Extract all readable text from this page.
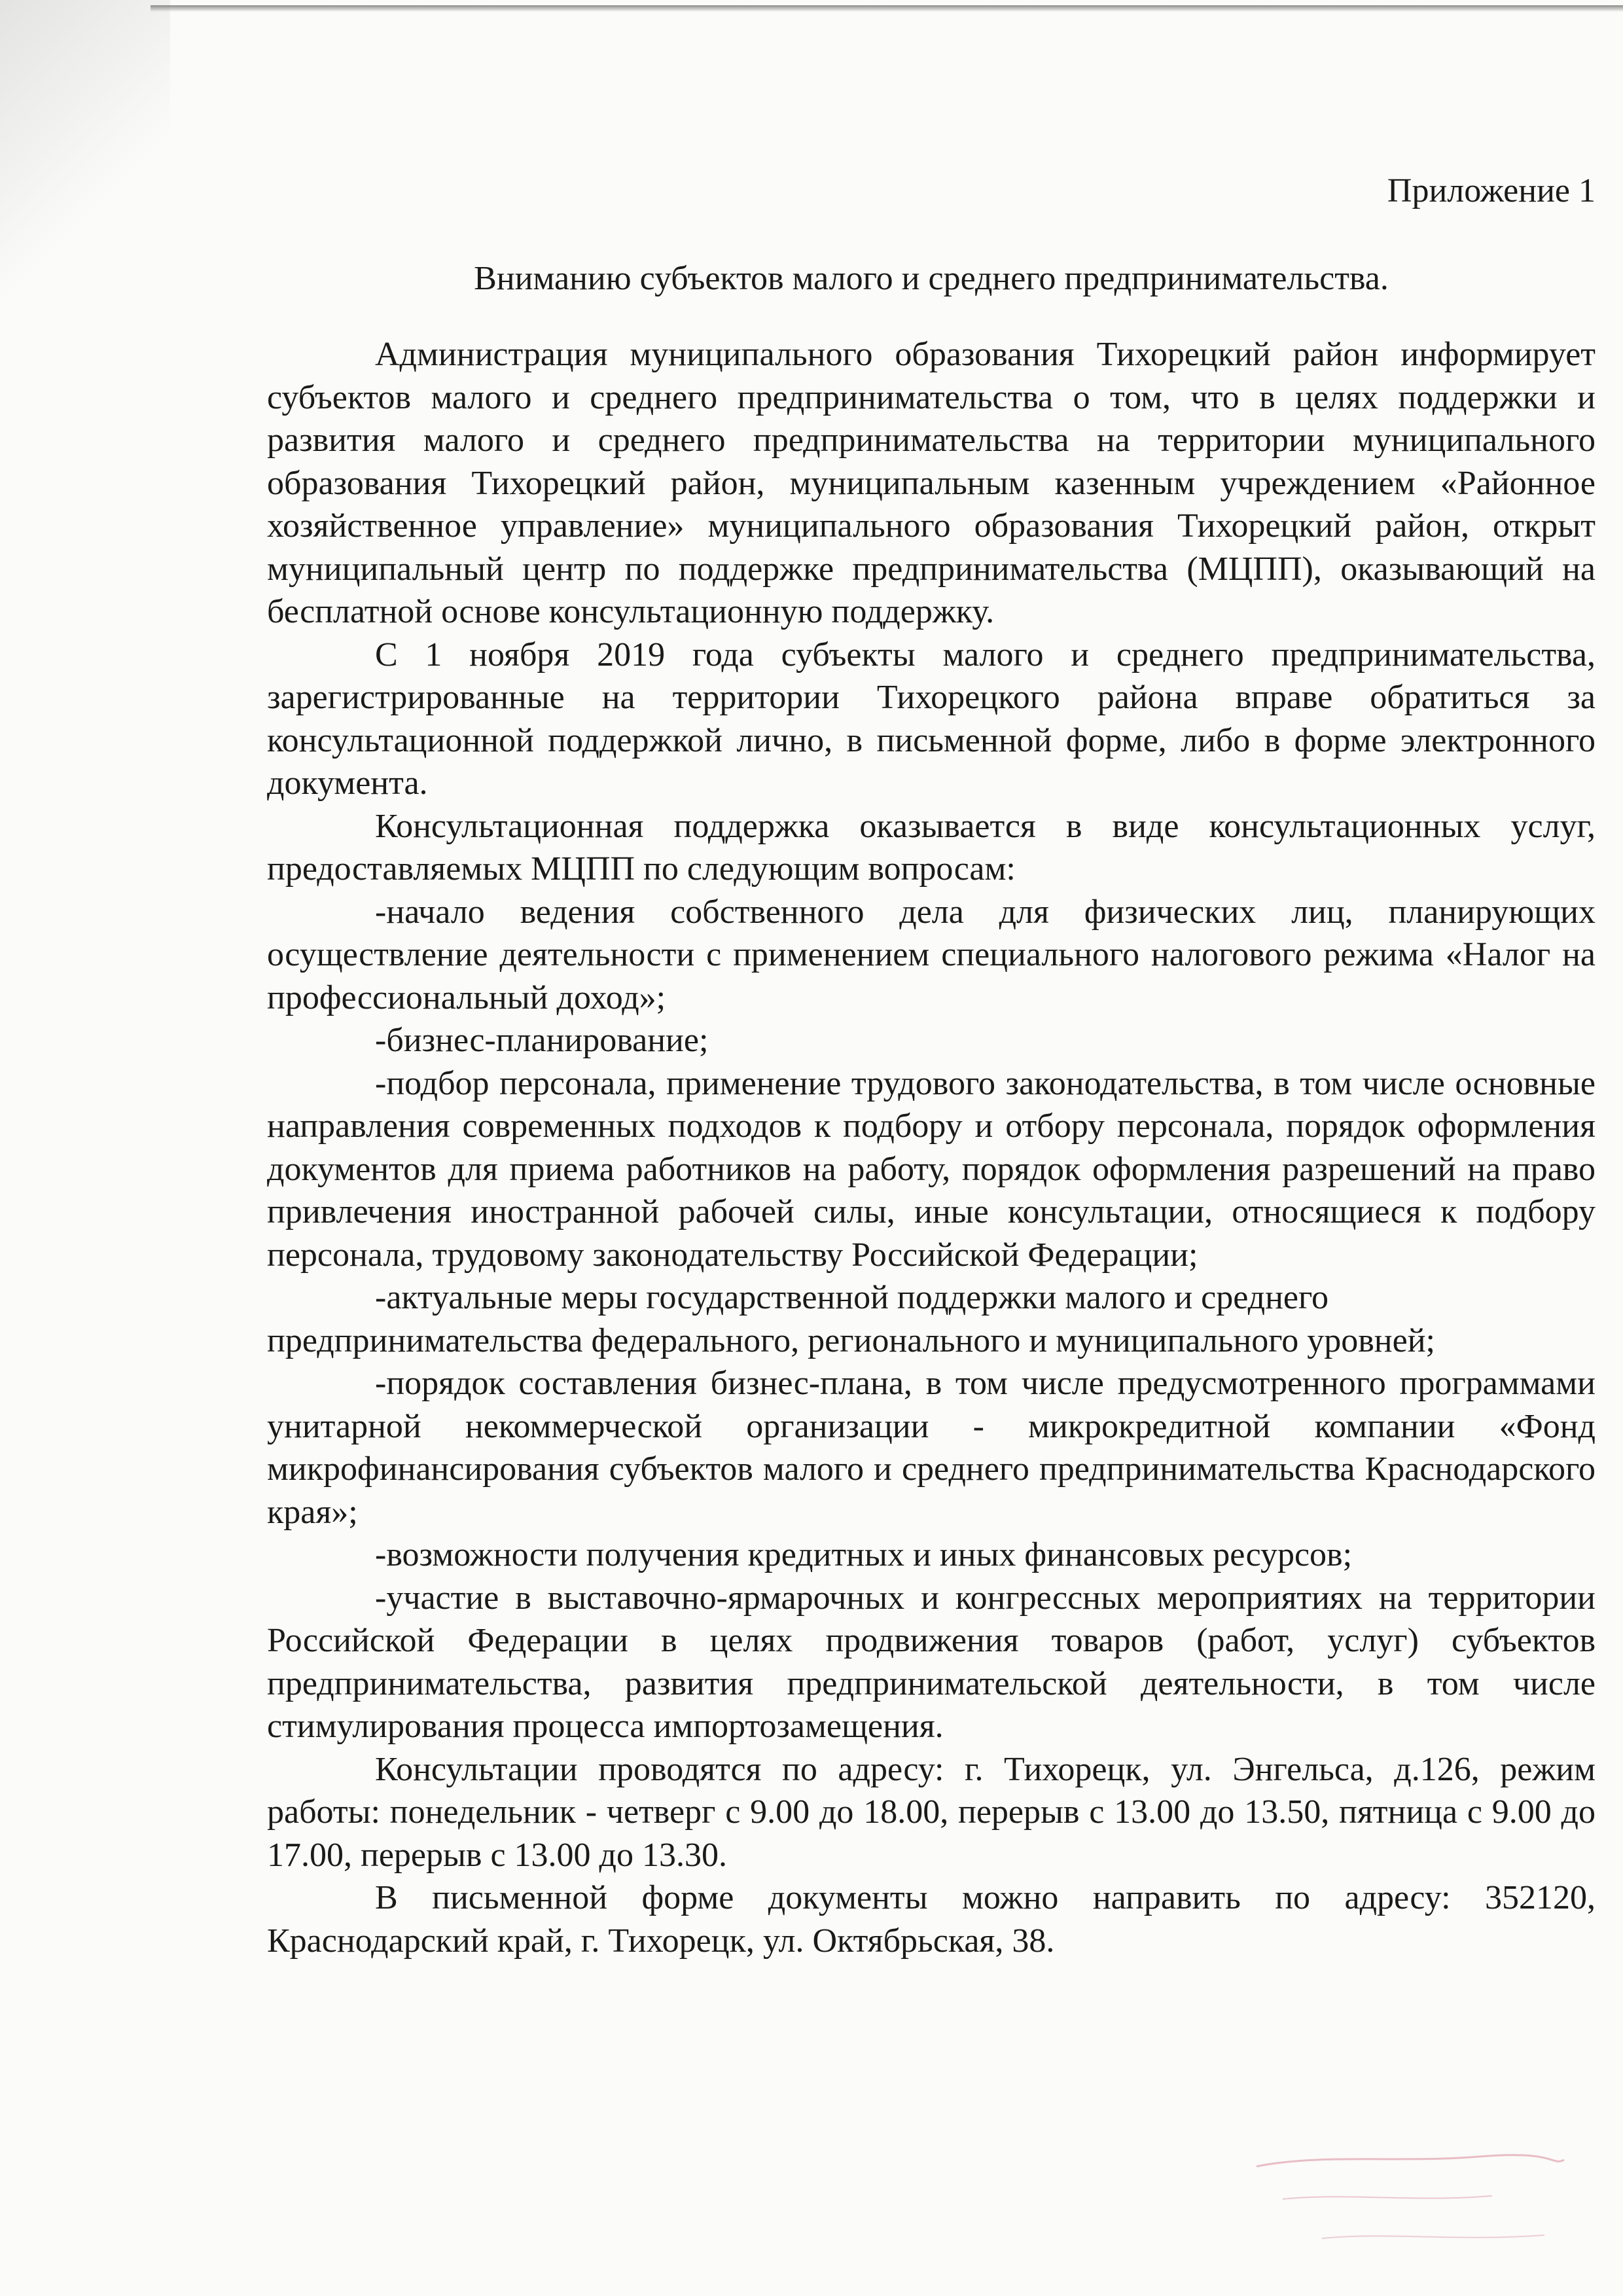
Приложение 1

Вниманию субъектов малого и среднего предпринимательства.

Администрация муниципального образования Тихорецкий район информирует субъектов малого и среднего предпринимательства о том, что в целях поддержки и развития малого и среднего предпринимательства на территории муниципального образования Тихорецкий район, муниципальным казенным учреждением «Районное хозяйственное управление» муниципального образования Тихорецкий район, открыт муниципальный центр по поддержке предпринимательства (МЦПП), оказывающий на бесплатной основе консультационную поддержку.

С 1 ноября 2019 года субъекты малого и среднего предпринимательства, зарегистрированные на территории Тихорецкого района вправе обратиться за консультационной поддержкой лично, в письменной форме, либо в форме электронного документа.

Консультационная поддержка оказывается в виде консультационных услуг, предоставляемых МЦПП по следующим вопросам:

-начало ведения собственного дела для физических лиц, планирующих осуществление деятельности с применением специального налогового режима «Налог на профессиональный доход»;

-бизнес-планирование;

-подбор персонала, применение трудового законодательства, в том числе основные направления современных подходов к подбору и отбору персонала, порядок оформления документов для приема работников на работу, порядок оформления разрешений на право привлечения иностранной рабочей силы, иные консультации, относящиеся к подбору персонала, трудовому законодательству Российской Федерации;

-актуальные меры государственной поддержки малого и среднего предпринимательства федерального, регионального и муниципального уровней;

-порядок составления бизнес-плана, в том числе предусмотренного программами унитарной некоммерческой организации - микрокредитной компании «Фонд микрофинансирования субъектов малого и среднего предпринимательства Краснодарского края»;

-возможности получения кредитных и иных финансовых ресурсов;

-участие в выставочно-ярмарочных и конгрессных мероприятиях на территории Российской Федерации в целях продвижения товаров (работ, услуг) субъектов предпринимательства, развития предпринимательской деятельности, в том числе стимулирования процесса импортозамещения.

Консультации проводятся по адресу: г. Тихорецк, ул. Энгельса, д.126, режим работы: понедельник - четверг с 9.00 до 18.00, перерыв с 13.00 до 13.50, пятница с 9.00 до 17.00, перерыв с 13.00 до 13.30.

В письменной форме документы можно направить по адресу: 352120, Краснодарский край, г. Тихорецк, ул. Октябрьская, 38.
